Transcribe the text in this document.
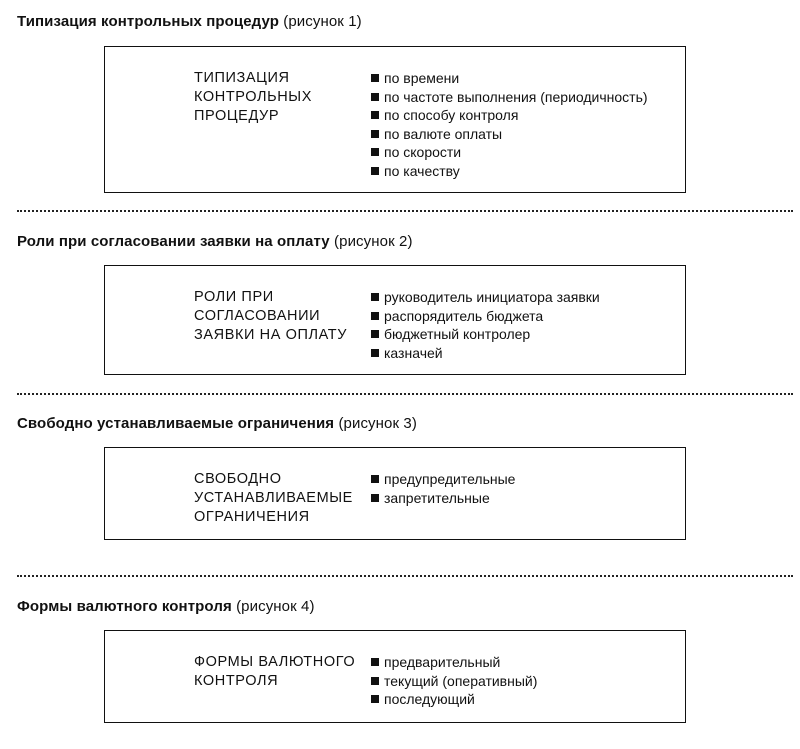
Типизация контрольных процедур (рисунок 1)
ТИПИЗАЦИЯ
КОНТРОЛЬНЫХ
ПРОЦЕДУР
по времени
по частоте выполнения (периодичность)
по способу контроля
по валюте оплаты
по скорости
по качеству
Роли при согласовании заявки на оплату (рисунок 2)
РОЛИ ПРИ
СОГЛАСОВАНИИ
ЗАЯВКИ НА ОПЛАТУ
руководитель инициатора заявки
распорядитель бюджета
бюджетный контролер
казначей
Свободно устанавливаемые ограничения (рисунок 3)
СВОБОДНО
УСТАНАВЛИВАЕМЫЕ
ОГРАНИЧЕНИЯ
предупредительные
запретительные
Формы валютного контроля (рисунок 4)
ФОРМЫ ВАЛЮТНОГО
КОНТРОЛЯ
предварительный
текущий (оперативный)
последующий
